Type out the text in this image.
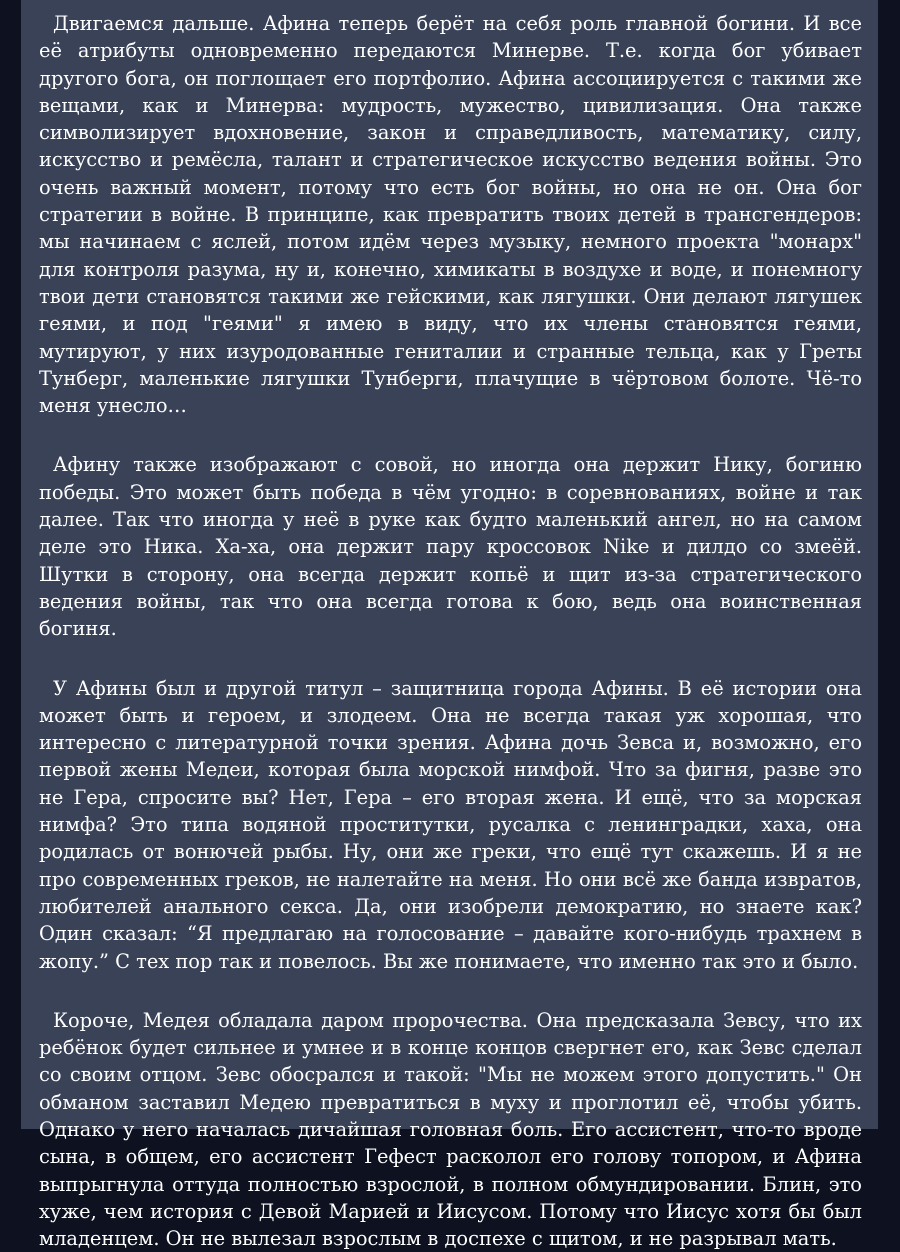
Двигаемся дальше. Афина теперь берёт на себя роль главной богини. И все её атрибуты одновременно передаются Минерве. Т.е. когда бог убивает другого бога, он поглощает его портфолио. Афина ассоциируется с такими же вещами, как и Минерва: мудрость, мужество, цивилизация. Она также символизирует вдохновение, закон и справедливость, математику, силу, искусство и ремёсла, талант и стратегическое искусство ведения войны. Это очень важный момент, потому что есть бог войны, но она не он. Она бог стратегии в войне. В принципе, как превратить твоих детей в трансгендеров: мы начинаем с яслей, потом идём через музыку, немного проекта "монарх" для контроля разума, ну и, конечно, химикаты в воздухе и воде, и понемногу твои дети становятся такими же гейскими, как лягушки. Они делают лягушек геями, и под "геями" я имею в виду, что их члены становятся геями, мутируют, у них изуродованные гениталии и странные тельца, как у Греты Тунберг, маленькие лягушки Тунберги, плачущие в чёртовом болоте. Чё-то меня унесло…

Афину также изображают с совой, но иногда она держит Нику, богиню победы. Это может быть победа в чём угодно: в соревнованиях, войне и так далее. Так что иногда у неё в руке как будто маленький ангел, но на самом деле это Ника. Ха-ха, она держит пару кроссовок Nike и дилдо со змеёй. Шутки в сторону, она всегда держит копьё и щит из-за стратегического ведения войны, так что она всегда готова к бою, ведь она воинственная богиня.

У Афины был и другой титул – защитница города Афины. В её истории она может быть и героем, и злодеем. Она не всегда такая уж хорошая, что интересно с литературной точки зрения. Афина дочь Зевса и, возможно, его первой жены Медеи, которая была морской нимфой. Что за фигня, разве это не Гера, спросите вы? Нет, Гера – его вторая жена. И ещё, что за морская нимфа? Это типа водяной проститутки, русалка с ленинградки, хаха, она родилась от вонючей рыбы. Ну, они же греки, что ещё тут скажешь. И я не про современных греков, не налетайте на меня. Но они всё же банда извратов, любителей анального секса. Да, они изобрели демократию, но знаете как? Один сказал: “Я предлагаю на голосование – давайте кого-нибудь трахнем в жопу.” С тех пор так и повелось. Вы же понимаете, что именно так это и было.

Короче, Медея обладала даром пророчества. Она предсказала Зевсу, что их ребёнок будет сильнее и умнее и в конце концов свергнет его, как Зевс сделал со своим отцом. Зевс обосрался и такой: "Мы не можем этого допустить." Он обманом заставил Медею превратиться в муху и проглотил её, чтобы убить. Однако у него началась дичайшая головная боль. Его ассистент, что-то вроде сына, в общем, его ассистент Гефест расколол его голову топором, и Афина выпрыгнула оттуда полностью взрослой, в полном обмундировании. Блин, это хуже, чем история с Девой Марией и Иисусом. Потому что Иисус хотя бы был младенцем. Он не вылезал взрослым в доспехе с щитом, и не разрывал мать.
